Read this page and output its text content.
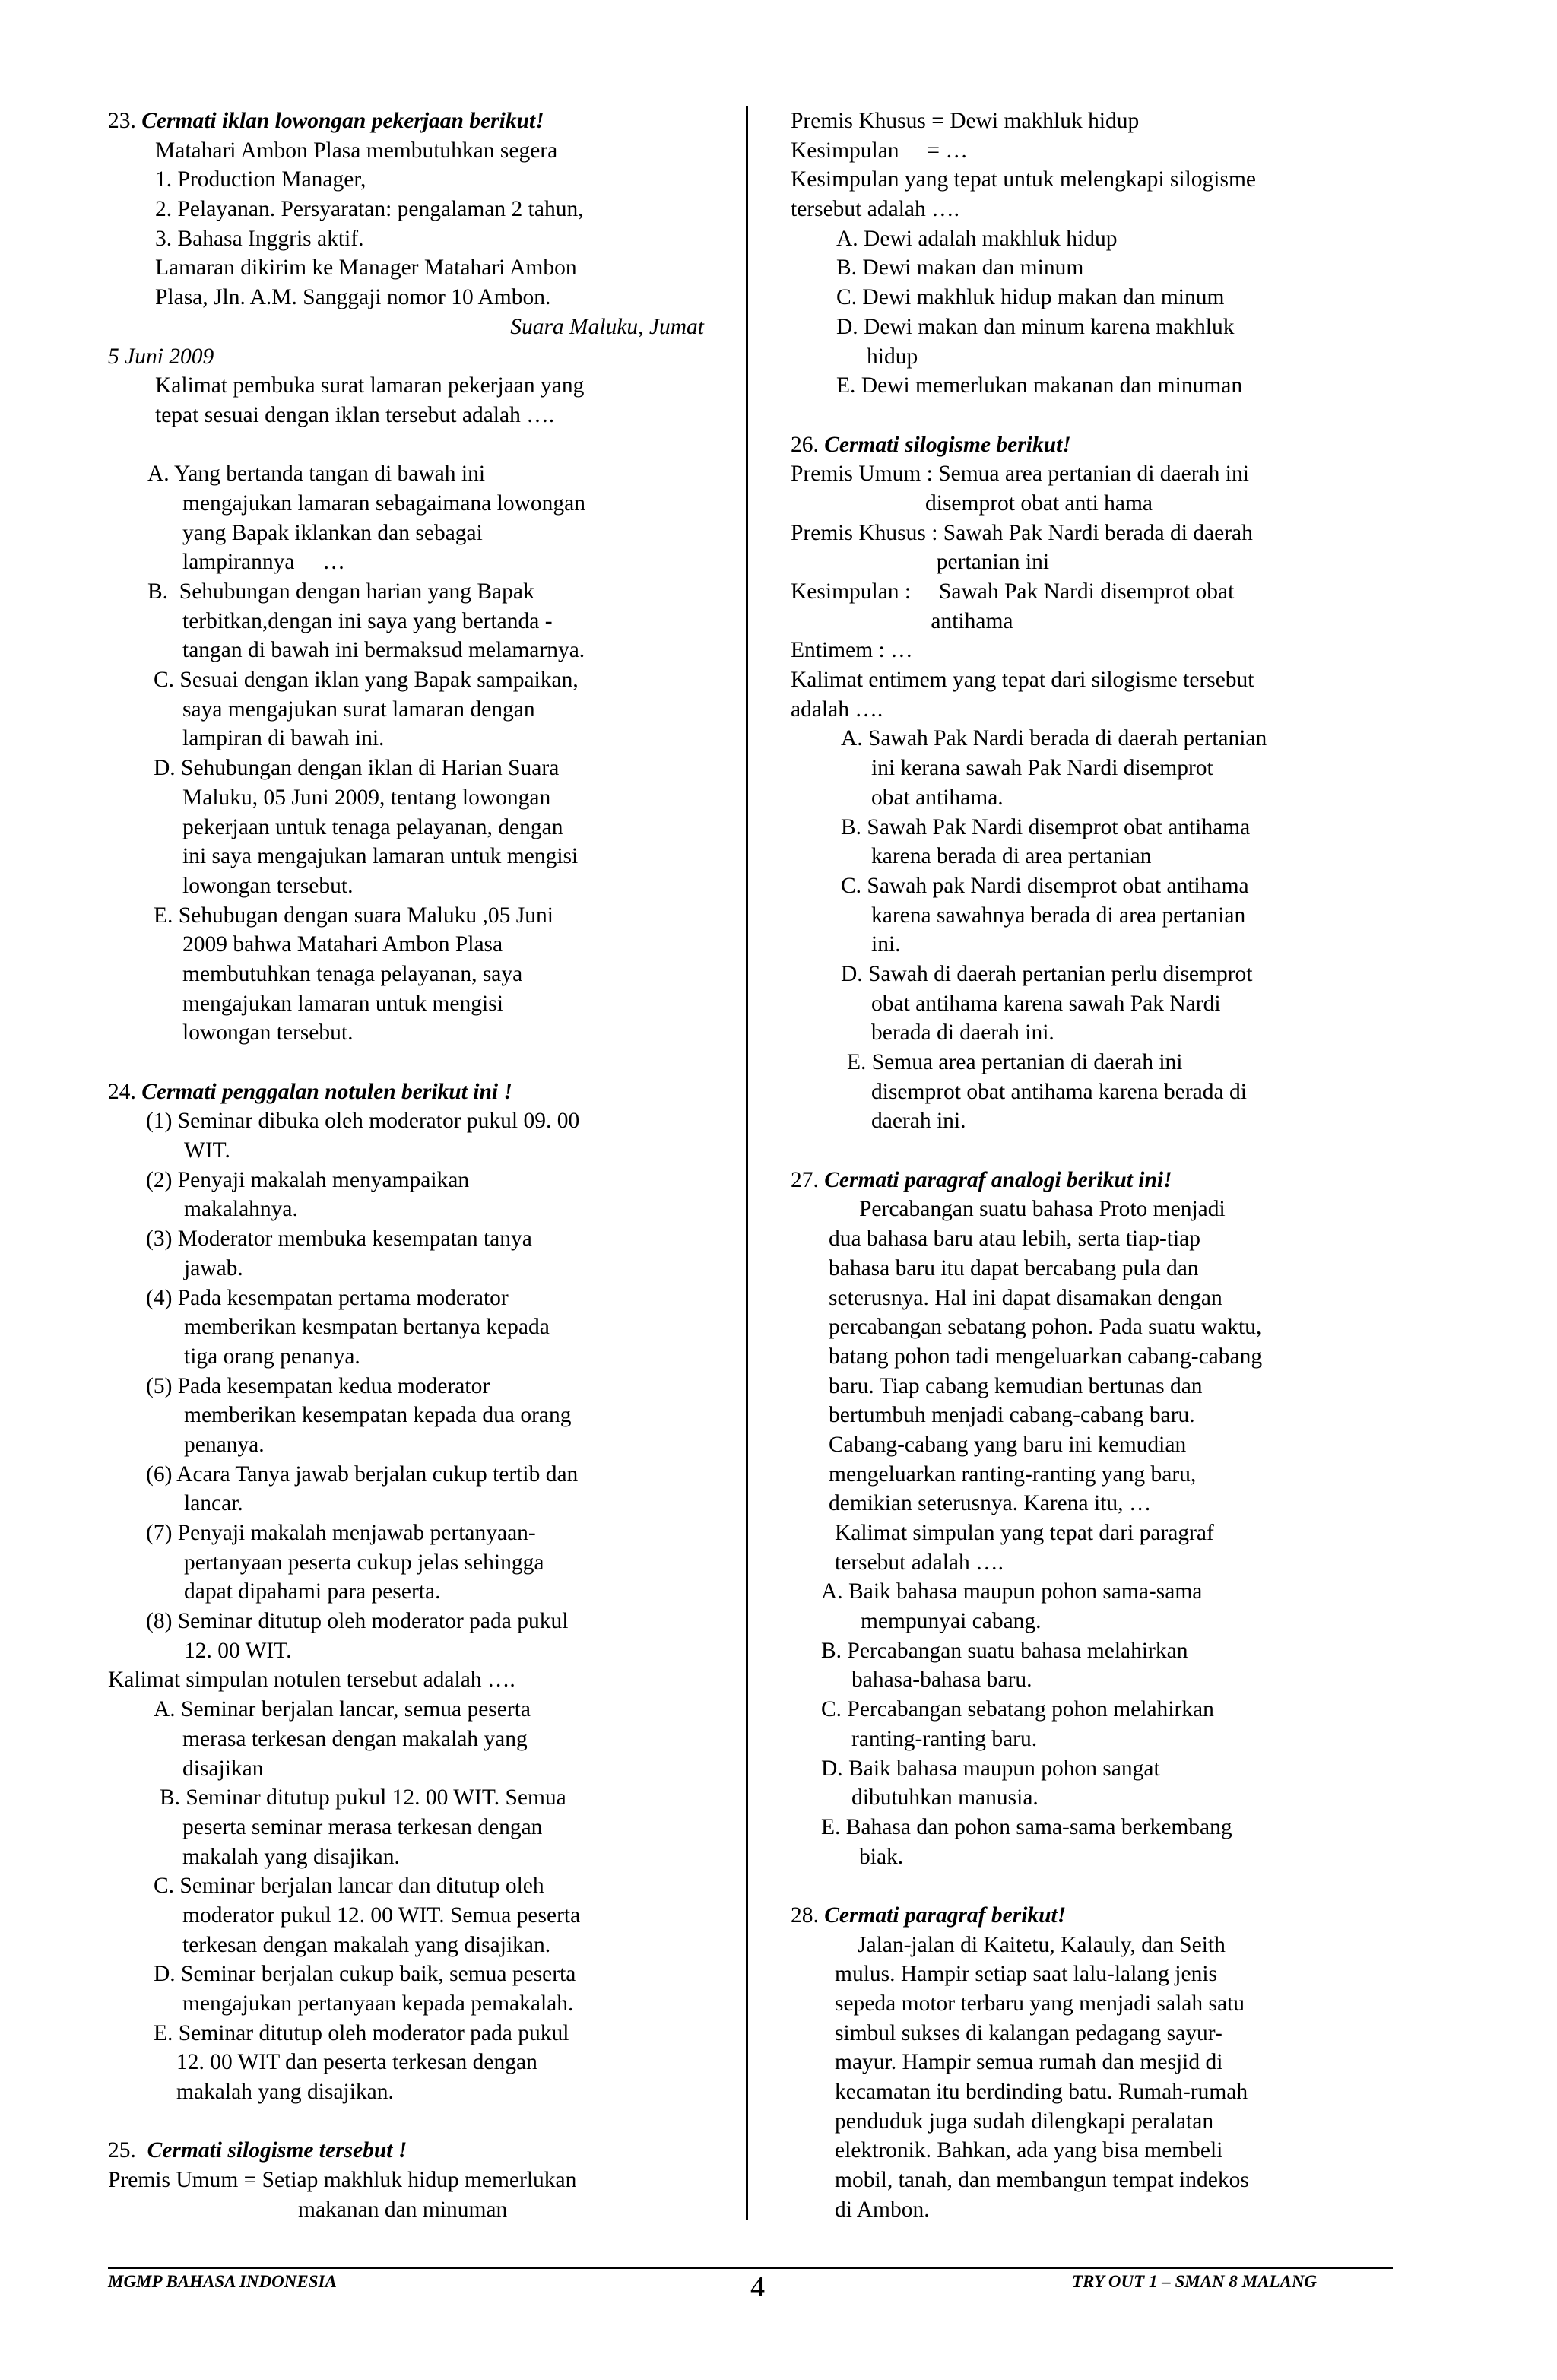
23. Cermati iklan lowongan pekerjaan berikut!
Matahari Ambon Plasa membutuhkan segera
1. Production Manager,
2. Pelayanan. Persyaratan: pengalaman 2 tahun,
3. Bahasa Inggris aktif.
Lamaran dikirim ke Manager Matahari Ambon
Plasa, Jln. A.M. Sanggaji nomor 10 Ambon.
Suara Maluku, Jumat
5 Juni 2009
Kalimat pembuka surat lamaran pekerjaan yang
tepat sesuai dengan iklan tersebut adalah ….
A. Yang bertanda tangan di bawah ini
mengajukan lamaran sebagaimana lowongan
yang Bapak iklankan dan sebagai
lampirannya     …
B.  Sehubungan dengan harian yang Bapak
terbitkan,dengan ini saya yang bertanda -
tangan di bawah ini bermaksud melamarnya.
C. Sesuai dengan iklan yang Bapak sampaikan,
saya mengajukan surat lamaran dengan
lampiran di bawah ini.
D. Sehubungan dengan iklan di Harian Suara
Maluku, 05 Juni 2009, tentang lowongan
pekerjaan untuk tenaga pelayanan, dengan
ini saya mengajukan lamaran untuk mengisi
lowongan tersebut.
E. Sehubugan dengan suara Maluku ,05 Juni
2009 bahwa Matahari Ambon Plasa
membutuhkan tenaga pelayanan, saya
mengajukan lamaran untuk mengisi
lowongan tersebut.
24. Cermati penggalan notulen berikut ini !
(1) Seminar dibuka oleh moderator pukul 09. 00
WIT.
(2) Penyaji makalah menyampaikan
makalahnya.
(3) Moderator membuka kesempatan tanya
jawab.
(4) Pada kesempatan pertama moderator
memberikan kesmpatan bertanya kepada
tiga orang penanya.
(5) Pada kesempatan kedua moderator
memberikan kesempatan kepada dua orang
penanya.
(6) Acara Tanya jawab berjalan cukup tertib dan
lancar.
(7) Penyaji makalah menjawab pertanyaan-
pertanyaan peserta cukup jelas sehingga
dapat dipahami para peserta.
(8) Seminar ditutup oleh moderator pada pukul
12. 00 WIT.
Kalimat simpulan notulen tersebut adalah ….
A. Seminar berjalan lancar, semua peserta
merasa terkesan dengan makalah yang
disajikan
B. Seminar ditutup pukul 12. 00 WIT. Semua
peserta seminar merasa terkesan dengan
makalah yang disajikan.
C. Seminar berjalan lancar dan ditutup oleh
moderator pukul 12. 00 WIT. Semua peserta
terkesan dengan makalah yang disajikan.
D. Seminar berjalan cukup baik, semua peserta
mengajukan pertanyaan kepada pemakalah.
E. Seminar ditutup oleh moderator pada pukul
12. 00 WIT dan peserta terkesan dengan
makalah yang disajikan.
25. Cermati silogisme tersebut !
Premis Umum = Setiap makhluk hidup memerlukan
makanan dan minuman
Premis Khusus = Dewi makhluk hidup
Kesimpulan     = …
Kesimpulan yang tepat untuk melengkapi silogisme
tersebut adalah ….
A. Dewi adalah makhluk hidup
B. Dewi makan dan minum
C. Dewi makhluk hidup makan dan minum
D. Dewi makan dan minum karena makhluk
hidup
E. Dewi memerlukan makanan dan minuman
26. Cermati silogisme berikut!
Premis Umum : Semua area pertanian di daerah ini
disemprot obat anti hama
Premis Khusus : Sawah Pak Nardi berada di daerah
pertanian ini
Kesimpulan :     Sawah Pak Nardi disemprot obat
antihama
Entimem : …
Kalimat entimem yang tepat dari silogisme tersebut
adalah ….
A. Sawah Pak Nardi berada di daerah pertanian
ini kerana sawah Pak Nardi disemprot
obat antihama.
B. Sawah Pak Nardi disemprot obat antihama
karena berada di area pertanian
C. Sawah pak Nardi disemprot obat antihama
karena sawahnya berada di area pertanian
ini.
D. Sawah di daerah pertanian perlu disemprot
obat antihama karena sawah Pak Nardi
berada di daerah ini.
E. Semua area pertanian di daerah ini
disemprot obat antihama karena berada di
daerah ini.
27. Cermati paragraf analogi berikut ini!
Percabangan suatu bahasa Proto menjadi
dua bahasa baru atau lebih, serta tiap-tiap
bahasa baru itu dapat bercabang pula dan
seterusnya. Hal ini dapat disamakan dengan
percabangan sebatang pohon. Pada suatu waktu,
batang pohon tadi mengeluarkan cabang-cabang
baru. Tiap cabang kemudian bertunas dan
bertumbuh menjadi cabang-cabang baru.
Cabang-cabang yang baru ini kemudian
mengeluarkan ranting-ranting yang baru,
demikian seterusnya. Karena itu, …
Kalimat simpulan yang tepat dari paragraf
tersebut adalah ….
A. Baik bahasa maupun pohon sama-sama
mempunyai cabang.
B. Percabangan suatu bahasa melahirkan
bahasa-bahasa baru.
C. Percabangan sebatang pohon melahirkan
ranting-ranting baru.
D. Baik bahasa maupun pohon sangat
dibutuhkan manusia.
E. Bahasa dan pohon sama-sama berkembang
biak.
28. Cermati paragraf berikut!
Jalan-jalan di Kaitetu, Kalauly, dan Seith
mulus. Hampir setiap saat lalu-lalang jenis
sepeda motor terbaru yang menjadi salah satu
simbul sukses di kalangan pedagang sayur-
mayur. Hampir semua rumah dan mesjid di
kecamatan itu berdinding batu. Rumah-rumah
penduduk juga sudah dilengkapi peralatan
elektronik. Bahkan, ada yang bisa membeli
mobil, tanah, dan membangun tempat indekos
di Ambon.
MGMP BAHASA INDONESIA	4	TRY OUT 1 – SMAN 8 MALANG
